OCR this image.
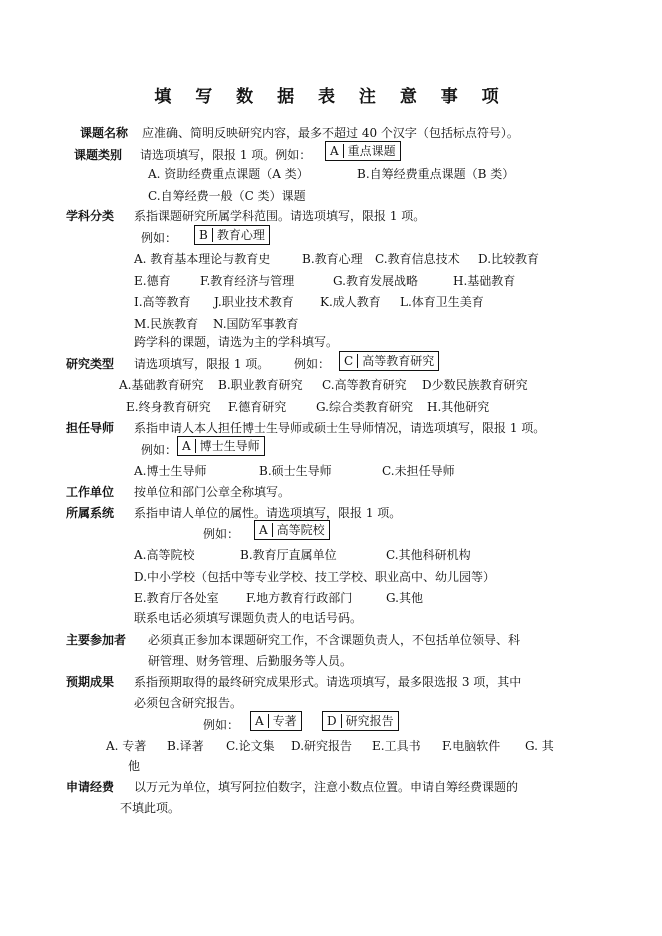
填 写 数 据 表 注 意 事 项
课题名称 应准确、简明反映研究内容，最多不超过 40 个汉字（包括标点符号）。
课题类别 请选项填写，限报 1 项。例如：	A 重点课题
A. 资助经费重点课题（A 类）	B.自筹经费重点课题（B 类）
C.自筹经费一般（C 类）课题
学科分类 系指课题研究所属学科范围。请选项填写，限报 1 项。
例如：	B 教育心理
A. 教育基本理论与教育史	B.教育心理 C.教育信息技术 D.比较教育
E.德育 F.教育经济与管理	G.教育发展战略	H.基础教育
I.高等教育 J.职业技术教育 K.成人教育 L.体育卫生美育
M.民族教育 N.国防军事教育
跨学科的课题，请选为主的学科填写。
研究类型 请选项填写，限报 1 项。 例如：	C 高等教育研究
A.基础教育研究 B.职业教育研究 C.高等教育研究 D少数民族教育研究
E.终身教育研究 F.德育研究 G.综合类教育研究 H.其他研究
担任导师 系指申请人本人担任博士生导师或硕士生导师情况，请选项填写，限报 1 项。
例如： A 博士生导师
A.博士生导师	B.硕士生导师	C.未担任导师
工作单位 按单位和部门公章全称填写。
所属系统 系指申请人单位的属性。请选项填写，限报 1 项。
例如：	A 高等院校
A.高等院校	B.教育厅直属单位	C.其他科研机构
D.中小学校（包括中等专业学校、技工学校、职业高中、幼儿园等）
E.教育厅各处室 F.地方教育行政部门	G.其他
联系电话必须填写课题负责人的电话号码。
主要参加者 必须真正参加本课题研究工作，不含课题负责人，不包括单位领导、科
研管理、财务管理、后勤服务等人员。
预期成果 系指预期取得的最终研究成果形式。请选项填写，最多限选报 3 项，其中
必须包含研究报告。
例如：	A 专著	D 研究报告
A. 专著 B.译著 C.论文集 D.研究报告 E.工具书 F.电脑软件 G. 其
他
申请经费 以万元为单位，填写阿拉伯数字，注意小数点位置。申请自筹经费课题的
不填此项。
